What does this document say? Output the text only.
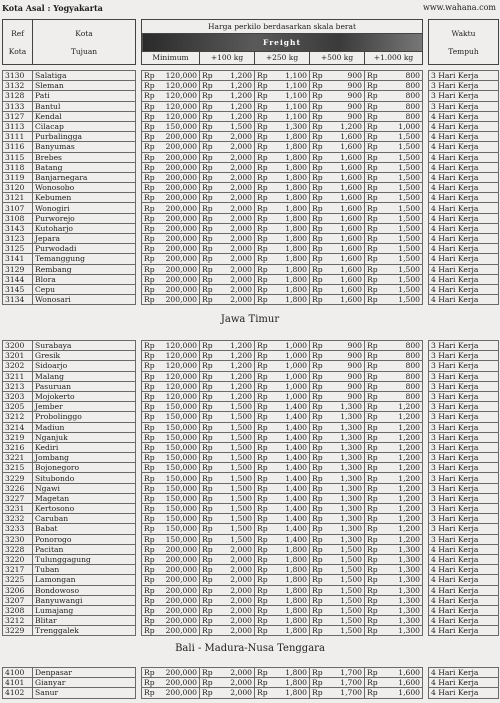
Kota Asal : Yogyakarta	www.wahana.com
Ref

Kota	Kota

Tujuan		Harga perkilo berdasarkan skala berat						Waktu

Tempuh
			Freight						
			Minimum	+100 kg	+250 kg	+500 kg	+1.000 kg		
3130	Salatiga		Rp	120,000	Rp	1,200	Rp	1,100	Rp	900	Rp	800		3 Hari Kerja
3132	Sleman		Rp	120,000	Rp	1,200	Rp	1,100	Rp	900	Rp	800		3 Hari Kerja
3128	Pati		Rp	120,000	Rp	1,200	Rp	1,100	Rp	900	Rp	800		3 Hari Kerja
3133	Bantul		Rp	120,000	Rp	1,200	Rp	1,100	Rp	900	Rp	800		3 Hari Kerja
3127	Kendal		Rp	120,000	Rp	1,200	Rp	1,100	Rp	900	Rp	800		4 Hari Kerja
3113	Cilacap		Rp	150,000	Rp	1,500	Rp	1,300	Rp	1,200	Rp	1,000		4 Hari Kerja
3111	Purbalingga		Rp	200,000	Rp	2,000	Rp	1,800	Rp	1,600	Rp	1,500		4 Hari Kerja
3116	Banyumas		Rp	200,000	Rp	2,000	Rp	1,800	Rp	1,600	Rp	1,500		4 Hari Kerja
3115	Brebes		Rp	200,000	Rp	2,000	Rp	1,800	Rp	1,600	Rp	1,500		4 Hari Kerja
3118	Batang		Rp	200,000	Rp	2,000	Rp	1,800	Rp	1,600	Rp	1,500		4 Hari Kerja
3119	Banjarnegara		Rp	200,000	Rp	2,000	Rp	1,800	Rp	1,600	Rp	1,500		4 Hari Kerja
3120	Wonosobo		Rp	200,000	Rp	2,000	Rp	1,800	Rp	1,600	Rp	1,500		4 Hari Kerja
3121	Kebumen		Rp	200,000	Rp	2,000	Rp	1,800	Rp	1,600	Rp	1,500		4 Hari Kerja
3107	Wonogiri		Rp	200,000	Rp	2,000	Rp	1,800	Rp	1,600	Rp	1,500		4 Hari Kerja
3108	Purworejo		Rp	200,000	Rp	2,000	Rp	1,800	Rp	1,600	Rp	1,500		4 Hari Kerja
3143	Kutoharjo		Rp	200,000	Rp	2,000	Rp	1,800	Rp	1,600	Rp	1,500		4 Hari Kerja
3123	Jepara		Rp	200,000	Rp	2,000	Rp	1,800	Rp	1,600	Rp	1,500		4 Hari Kerja
3125	Purwodadi		Rp	200,000	Rp	2,000	Rp	1,800	Rp	1,600	Rp	1,500		4 Hari Kerja
3141	Temanggung		Rp	200,000	Rp	2,000	Rp	1,800	Rp	1,600	Rp	1,500		4 Hari Kerja
3129	Rembang		Rp	200,000	Rp	2,000	Rp	1,800	Rp	1,600	Rp	1,500		4 Hari Kerja
3144	Blora		Rp	200,000	Rp	2,000	Rp	1,800	Rp	1,600	Rp	1,500		4 Hari Kerja
3145	Cepu		Rp	200,000	Rp	2,000	Rp	1,800	Rp	1,600	Rp	1,500		4 Hari Kerja
3134	Wonosari		Rp	200,000	Rp	2,000	Rp	1,800	Rp	1,600	Rp	1,500		4 Hari Kerja
Jawa Timur
3200	Surabaya		Rp	120,000	Rp	1,200	Rp	1,000	Rp	900	Rp	800		3 Hari Kerja
3201	Gresik		Rp	120,000	Rp	1,200	Rp	1,000	Rp	900	Rp	800		3 Hari Kerja
3202	Sidoarjo		Rp	120,000	Rp	1,200	Rp	1,000	Rp	900	Rp	800		3 Hari Kerja
3211	Malang		Rp	120,000	Rp	1,200	Rp	1,000	Rp	900	Rp	800		3 Hari Kerja
3213	Pasuruan		Rp	120,000	Rp	1,200	Rp	1,000	Rp	900	Rp	800		3 Hari Kerja
3203	Mojokerto		Rp	120,000	Rp	1,200	Rp	1,000	Rp	900	Rp	800		3 Hari Kerja
3205	Jember		Rp	150,000	Rp	1,500	Rp	1,400	Rp	1,300	Rp	1,200		3 Hari Kerja
3212	Probolinggo		Rp	150,000	Rp	1,500	Rp	1,400	Rp	1,300	Rp	1,200		3 Hari Kerja
3214	Madiun		Rp	150,000	Rp	1,500	Rp	1,400	Rp	1,300	Rp	1,200		3 Hari Kerja
3219	Nganjuk		Rp	150,000	Rp	1,500	Rp	1,400	Rp	1,300	Rp	1,200		3 Hari Kerja
3216	Kediri		Rp	150,000	Rp	1,500	Rp	1,400	Rp	1,300	Rp	1,200		3 Hari Kerja
3221	Jombang		Rp	150,000	Rp	1,500	Rp	1,400	Rp	1,300	Rp	1,200		3 Hari Kerja
3215	Bojonegoro		Rp	150,000	Rp	1,500	Rp	1,400	Rp	1,300	Rp	1,200		3 Hari Kerja
3229	Situbondo		Rp	150,000	Rp	1,500	Rp	1,400	Rp	1,300	Rp	1,200		3 Hari Kerja
3226	Ngawi		Rp	150,000	Rp	1,500	Rp	1,400	Rp	1,300	Rp	1,200		3 Hari Kerja
3227	Magetan		Rp	150,000	Rp	1,500	Rp	1,400	Rp	1,300	Rp	1,200		3 Hari Kerja
3231	Kertosono		Rp	150,000	Rp	1,500	Rp	1,400	Rp	1,300	Rp	1,200		3 Hari Kerja
3232	Caruban		Rp	150,000	Rp	1,500	Rp	1,400	Rp	1,300	Rp	1,200		3 Hari Kerja
3233	Babat		Rp	150,000	Rp	1,500	Rp	1,400	Rp	1,300	Rp	1,200		3 Hari Kerja
3230	Ponorogo		Rp	150,000	Rp	1,500	Rp	1,400	Rp	1,300	Rp	1,200		3 Hari Kerja
3228	Pacitan		Rp	200,000	Rp	2,000	Rp	1,800	Rp	1,500	Rp	1,300		4 Hari Kerja
3220	Tulunggagung		Rp	200,000	Rp	2,000	Rp	1,800	Rp	1,500	Rp	1,300		4 Hari Kerja
3217	Tuban		Rp	200,000	Rp	2,000	Rp	1,800	Rp	1,500	Rp	1,300		4 Hari Kerja
3225	Lamongan		Rp	200,000	Rp	2,000	Rp	1,800	Rp	1,500	Rp	1,300		4 Hari Kerja
3206	Bondowoso		Rp	200,000	Rp	2,000	Rp	1,800	Rp	1,500	Rp	1,300		4 Hari Kerja
3207	Banyuwangi		Rp	200,000	Rp	2,000	Rp	1,800	Rp	1,500	Rp	1,300		4 Hari Kerja
3208	Lumajang		Rp	200,000	Rp	2,000	Rp	1,800	Rp	1,500	Rp	1,300		4 Hari Kerja
3212	Blitar		Rp	200,000	Rp	2,000	Rp	1,800	Rp	1,500	Rp	1,300		4 Hari Kerja
3229	Trenggalek		Rp	200,000	Rp	2,000	Rp	1,800	Rp	1,500	Rp	1,300		4 Hari Kerja
Bali - Madura-Nusa Tenggara
4100	Denpasar		Rp	200,000	Rp	2,000	Rp	1,800	Rp	1,700	Rp	1,600		4 Hari Kerja
4101	Gianyar		Rp	200,000	Rp	2,000	Rp	1,800	Rp	1,700	Rp	1,600		4 Hari Kerja
4102	Sanur		Rp	200,000	Rp	2,000	Rp	1,800	Rp	1,700	Rp	1,600		4 Hari Kerja
